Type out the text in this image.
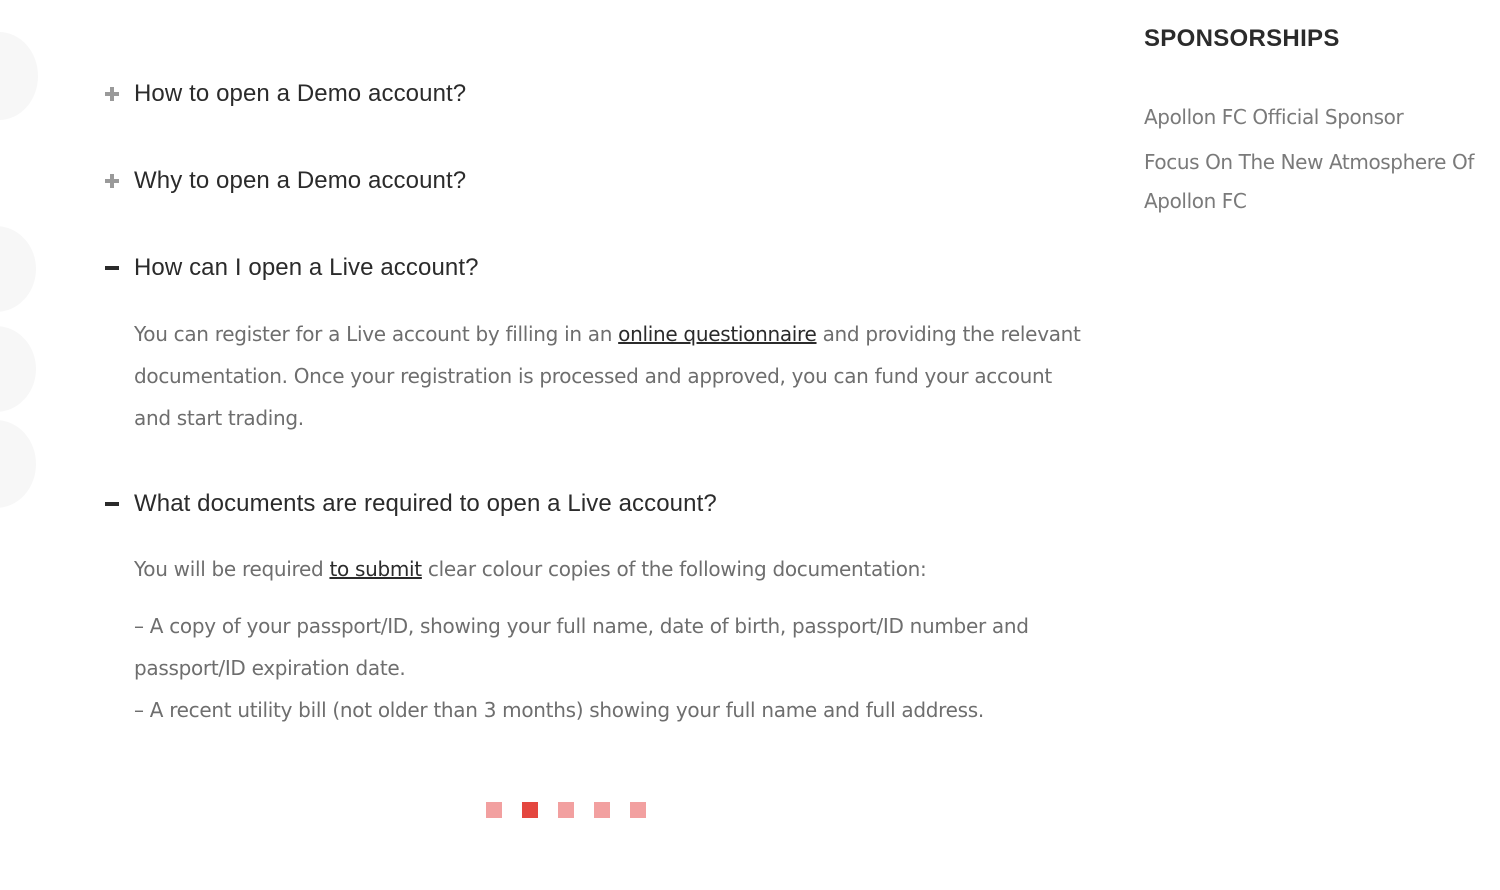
How to open a Demo account?
Why to open a Demo account?
How can I open a Live account?

You can register for a Live account by filling in an online questionnaire and providing the relevant documentation. Once your registration is processed and approved, you can fund your account and start trading.

What documents are required to open a Live account?

You will be required to submit clear colour copies of the following documentation:

– A copy of your passport/ID, showing your full name, date of birth, passport/ID number and passport/ID expiration date.

– A recent utility bill (not older than 3 months) showing your full name and full address.

SPONSORSHIPS
Apollon FC Official Sponsor
Focus On The New Atmosphere Of Apollon FC
